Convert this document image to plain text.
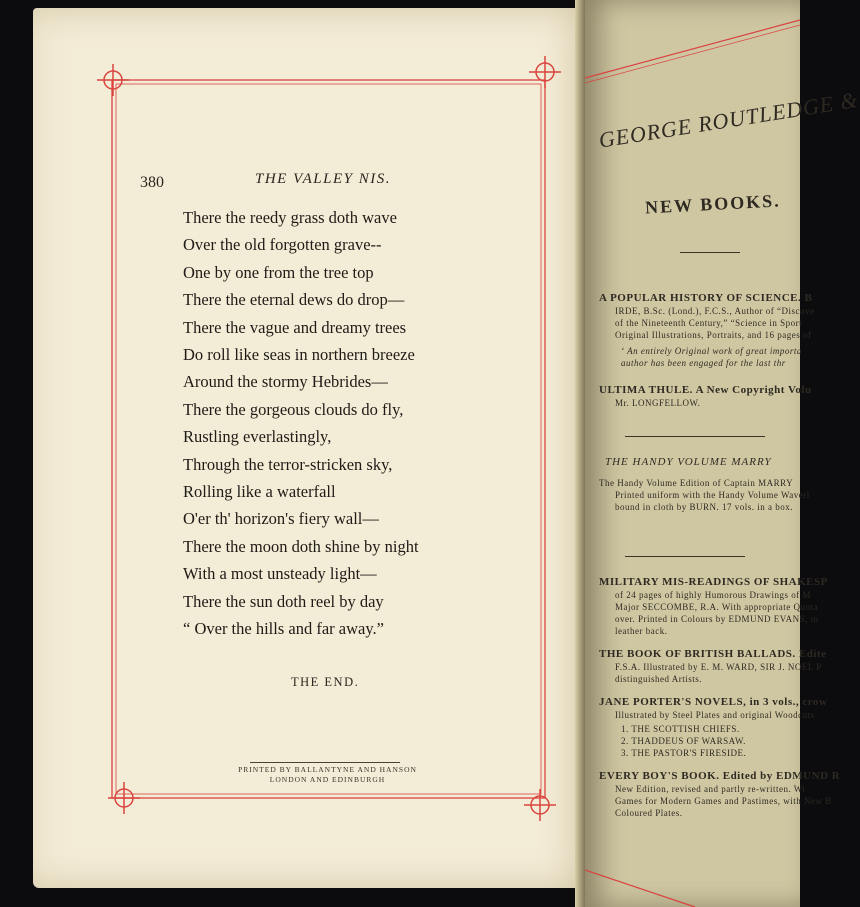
380	THE VALLEY NIS.
There the reedy grass doth wave
Over the old forgotten grave--
One by one from the tree top
There the eternal dews do drop—
There the vague and dreamy trees
Do roll like seas in northern breeze
Around the stormy Hebrides—
There the gorgeous clouds do fly,
Rustling everlastingly,
Through the terror-stricken sky,
Rolling like a waterfall
O'er th' horizon's fiery wall—
There the moon doth shine by night
With a most unsteady light—
There the sun doth reel by day
“ Over the hills and far away.”
THE END.
PRINTED BY BALLANTYNE AND HANSON
LONDON AND EDINBURGH
GEORGE ROUTLEDGE &
NEW BOOKS.
A POPULAR HISTORY OF SCIENCE. B
IRDE, B.Sc. (Lond.), F.C.S., Author of “Discove
of the Nineteenth Century,” “Science in Sport
Original Illustrations, Portraits, and 16 pages of
‘ An entirely Original work of great importa
author has been engaged for the last thr
ULTIMA THULE. A New Copyright Volu
Mr. LONGFELLOW.
THE HANDY VOLUME MARRY
The Handy Volume Edition of Captain MARRY
Printed uniform with the Handy Volume Waverl
bound in cloth by BURN. 17 vols. in a box.
MILITARY MIS-READINGS OF SHAKESP
of 24 pages of highly Humorous Drawings of M
Major SECCOMBE, R.A. With appropriate Quota
over. Printed in Colours by EDMUND EVANS, in
leather back.
THE BOOK OF BRITISH BALLADS. Edite
F.S.A. Illustrated by E. M. WARD, SIR J. NOEL P
distinguished Artists.
JANE PORTER'S NOVELS, in 3 vols., crow
Illustrated by Steel Plates and original Woodcuts
1. THE SCOTTISH CHIEFS.
2. THADDEUS OF WARSAW.
3. THE PASTOR'S FIRESIDE.
EVERY BOY'S BOOK. Edited by EDMUND R
New Edition, revised and partly re-written. Wi
Games for Modern Games and Pastimes, with New B
Coloured Plates.
